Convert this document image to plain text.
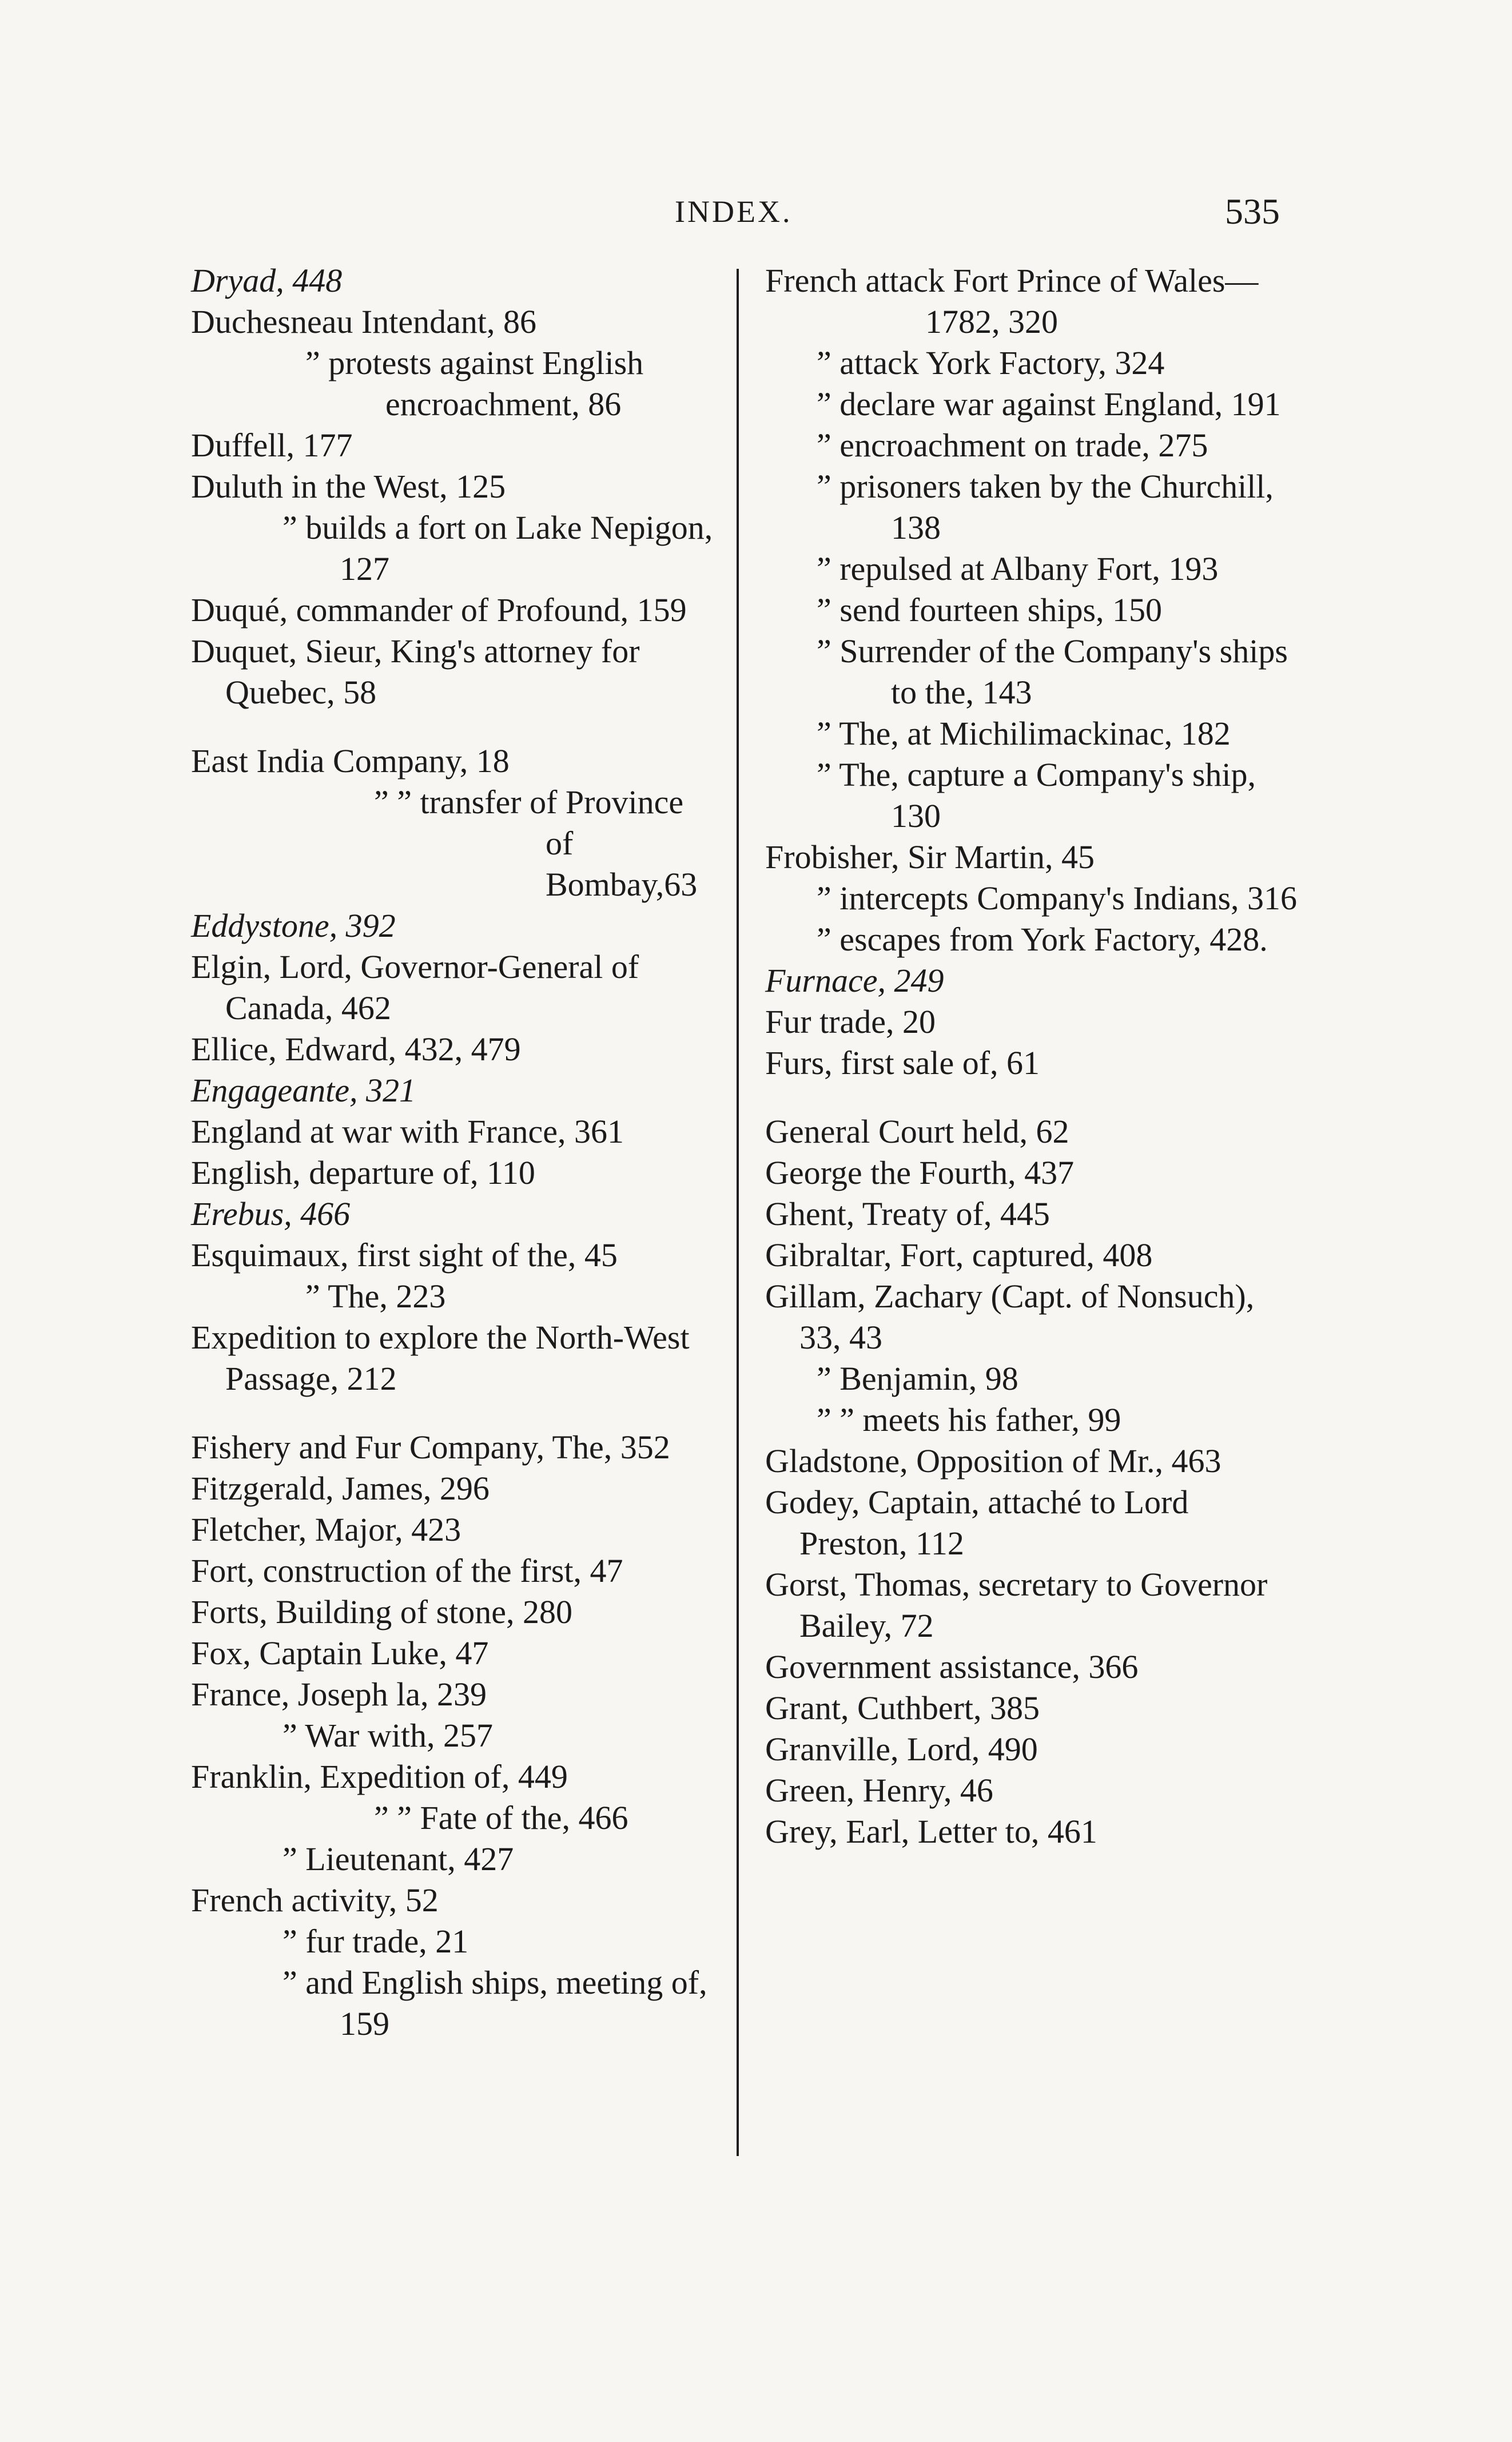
INDEX.	535

Dryad, 448

Duchesneau Intendant, 86

” protests against English encroachment, 86

Duffell, 177

Duluth in the West, 125

” builds a fort on Lake Nepigon, 127

Duqué, commander of Profound, 159

Duquet, Sieur, King's attorney for Quebec, 58

East India Company, 18

” ” transfer of Province of Bombay,63

Eddystone, 392

Elgin, Lord, Governor-General of Canada, 462

Ellice, Edward, 432, 479

Engageante, 321

England at war with France, 361

English, departure of, 110

Erebus, 466

Esquimaux, first sight of the, 45

” The, 223

Expedition to explore the North-West Passage, 212

Fishery and Fur Company, The, 352

Fitzgerald, James, 296

Fletcher, Major, 423

Fort, construction of the first, 47

Forts, Building of stone, 280

Fox, Captain Luke, 47

France, Joseph la, 239

” War with, 257

Franklin, Expedition of, 449

” ” Fate of the, 466

” Lieutenant, 427

French activity, 52

” fur trade, 21

” and English ships, meeting of, 159

French attack Fort Prince of Wales—1782, 320

” attack York Factory, 324

” declare war against England, 191

” encroachment on trade, 275

” prisoners taken by the Churchill, 138

” repulsed at Albany Fort, 193

” send fourteen ships, 150

” Surrender of the Company's ships to the, 143

” The, at Michilimackinac, 182

” The, capture a Company's ship, 130

Frobisher, Sir Martin, 45

” intercepts Company's Indians, 316

” escapes from York Factory, 428.

Furnace, 249

Fur trade, 20

Furs, first sale of, 61

General Court held, 62

George the Fourth, 437

Ghent, Treaty of, 445

Gibraltar, Fort, captured, 408

Gillam, Zachary (Capt. of Nonsuch), 33, 43

” Benjamin, 98

” ” meets his father, 99

Gladstone, Opposition of Mr., 463

Godey, Captain, attaché to Lord Preston, 112

Gorst, Thomas, secretary to Governor Bailey, 72

Government assistance, 366

Grant, Cuthbert, 385

Granville, Lord, 490

Green, Henry, 46

Grey, Earl, Letter to, 461
